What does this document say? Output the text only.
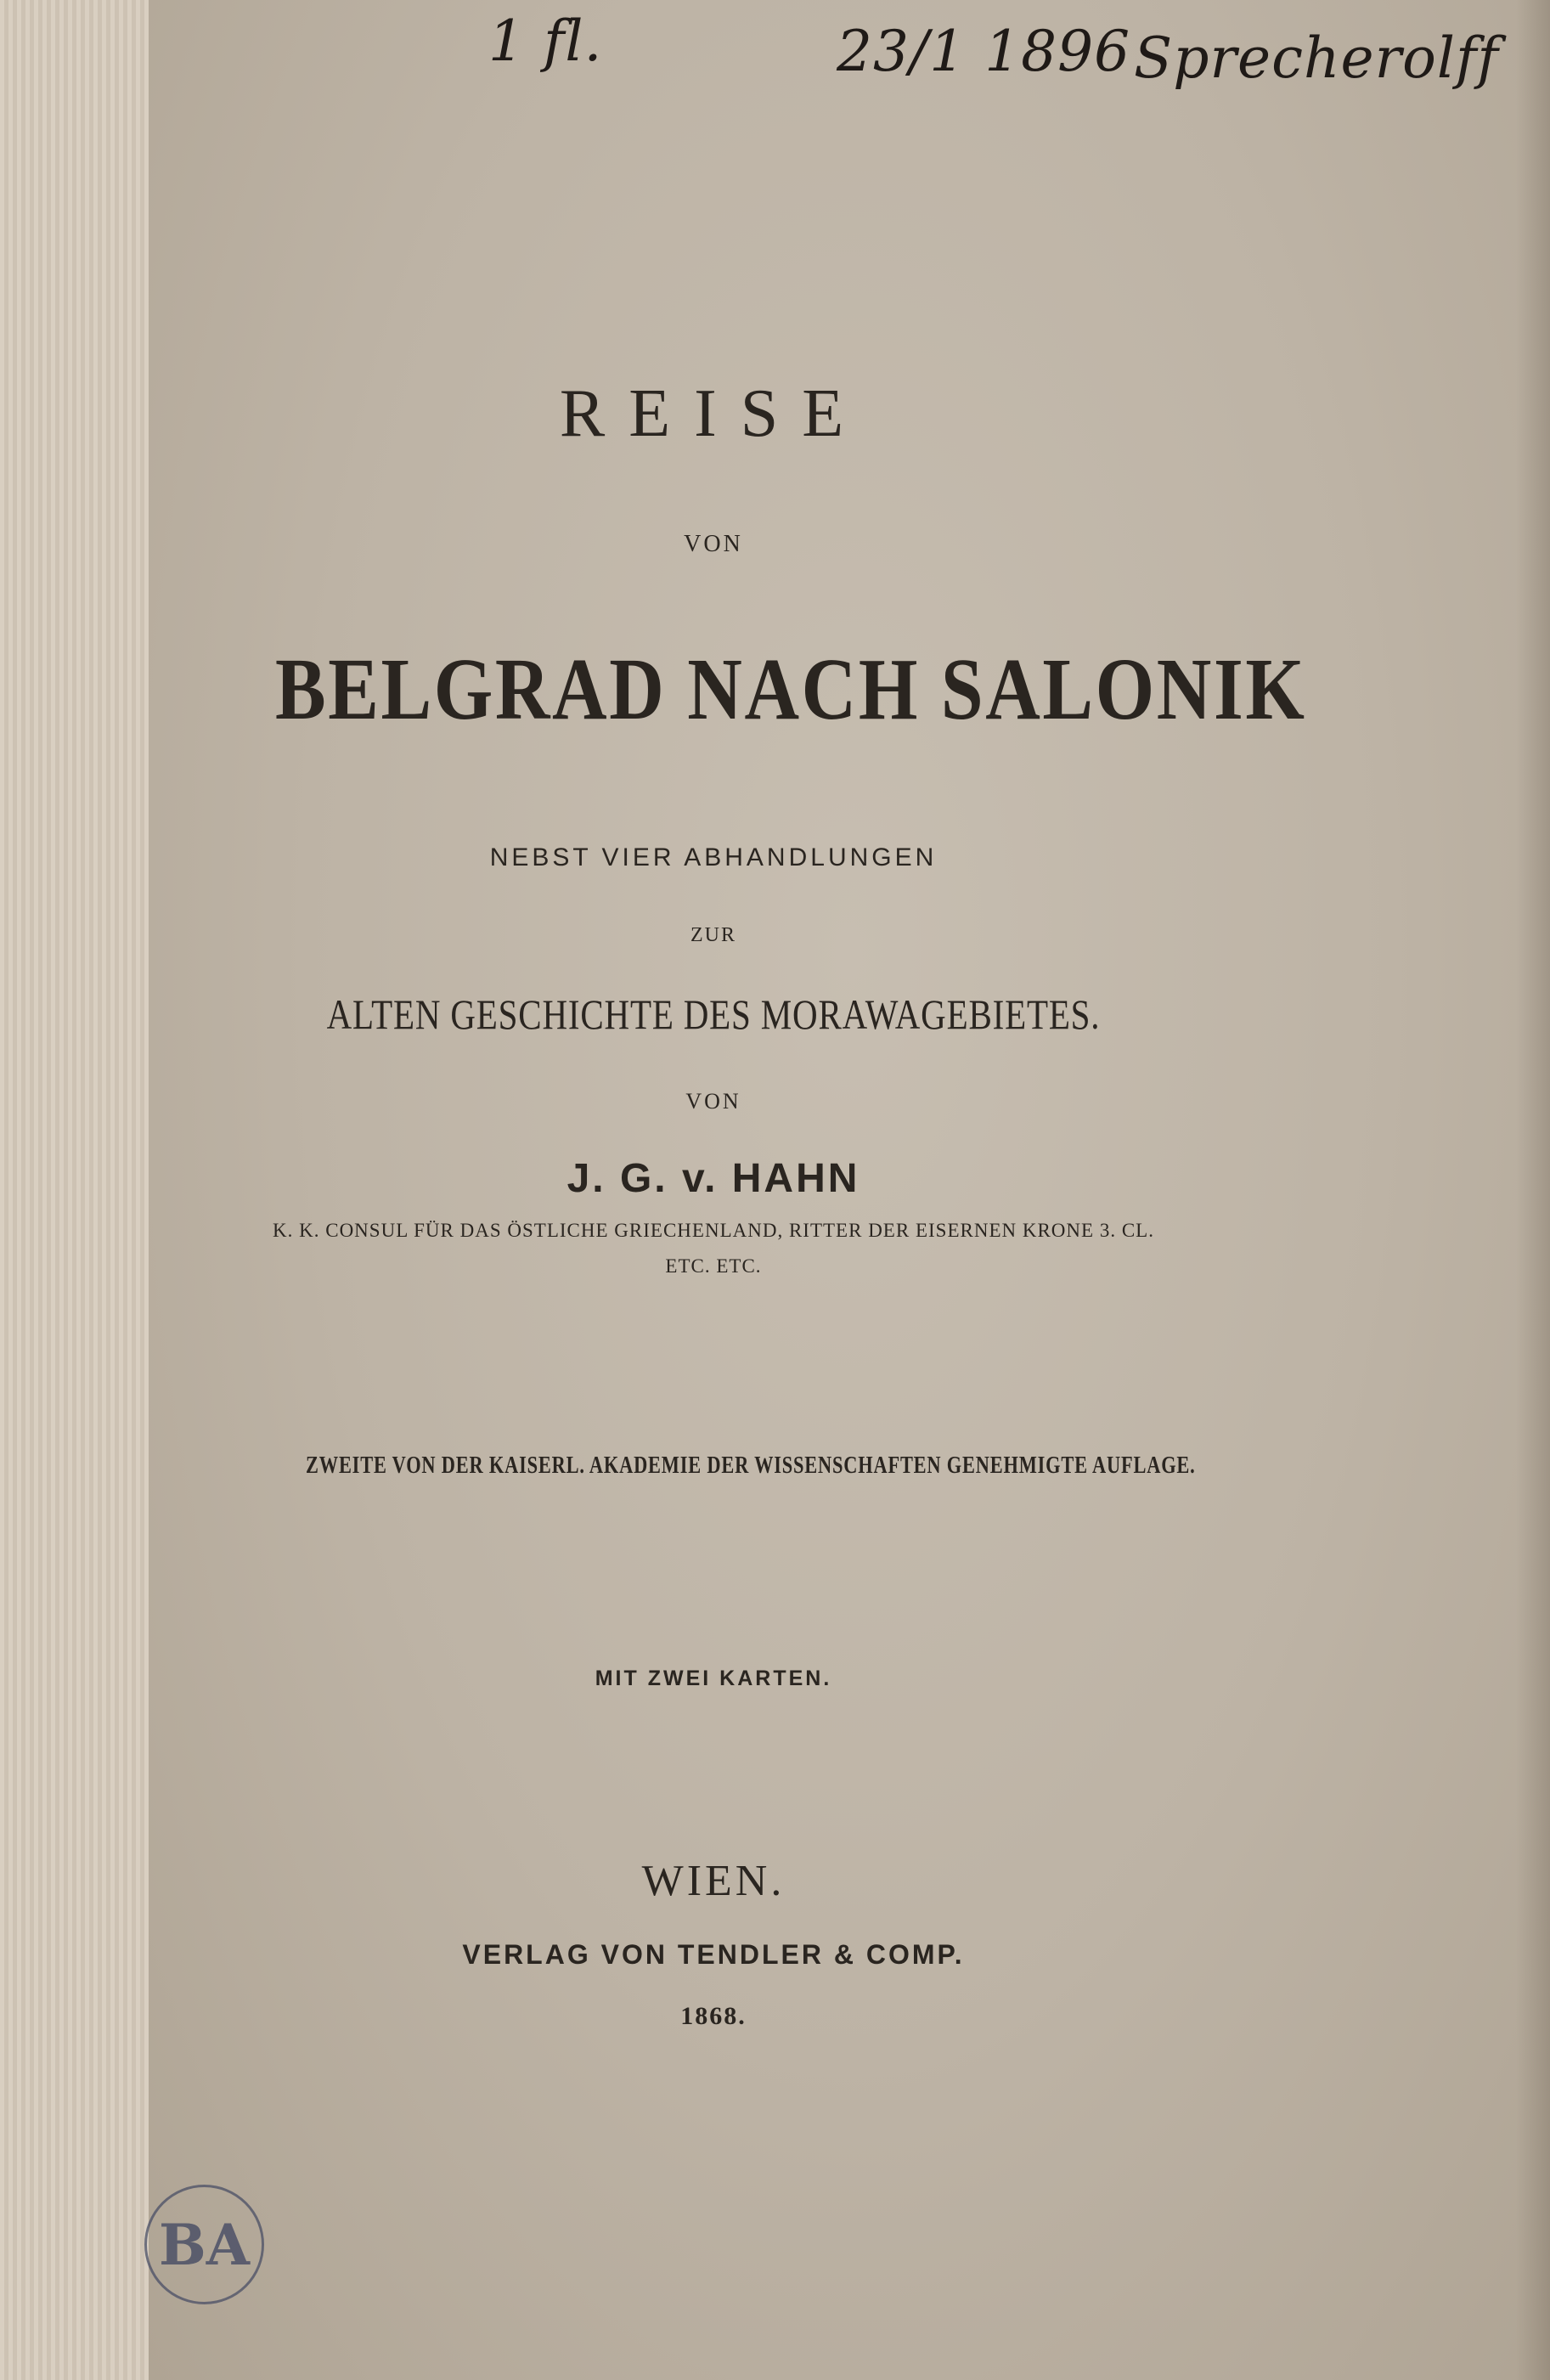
1 fl.	23/1 1896 Sprecherolff
REISE
VON
BELGRAD NACH SALONIK
NEBST VIER ABHANDLUNGEN
ZUR
ALTEN GESCHICHTE DES MORAWAGEBIETES.
VON
J. G. v. HAHN
K. K. CONSUL FÜR DAS ÖSTLICHE GRIECHENLAND, RITTER DER EISERNEN KRONE 3. CL.
ETC. ETC.
ZWEITE VON DER KAISERL. AKADEMIE DER WISSENSCHAFTEN GENEHMIGTE AUFLAGE.
MIT ZWEI KARTEN.
WIEN.
VERLAG VON TENDLER & COMP.
1868.
BA
